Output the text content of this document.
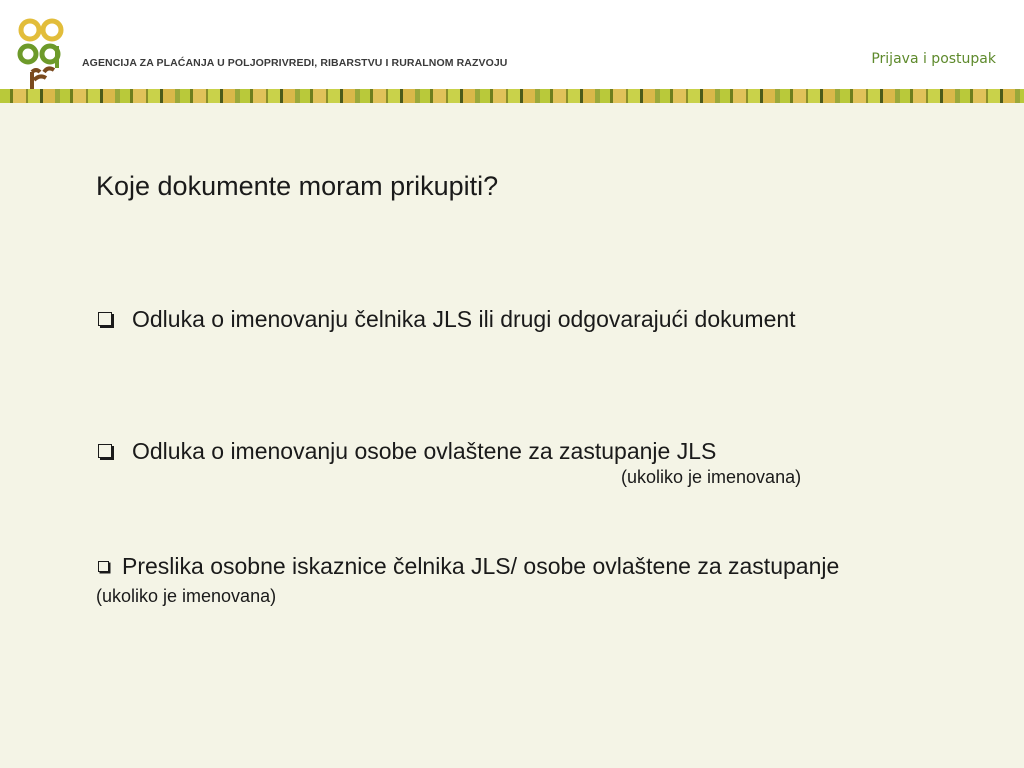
AGENCIJA ZA PLAĆANJA U POLJOPRIVREDI, RIBARSTVU I RURALNOM RAZVOJU	Prijava i postupak
Koje dokumente moram prikupiti?
Odluka o imenovanju čelnika JLS ili drugi odgovarajući dokument
Odluka o imenovanju osobe ovlaštene za zastupanje JLS
(ukoliko je imenovana)
Preslika osobne iskaznice čelnika JLS/ osobe ovlaštene za zastupanje (ukoliko je imenovana)
